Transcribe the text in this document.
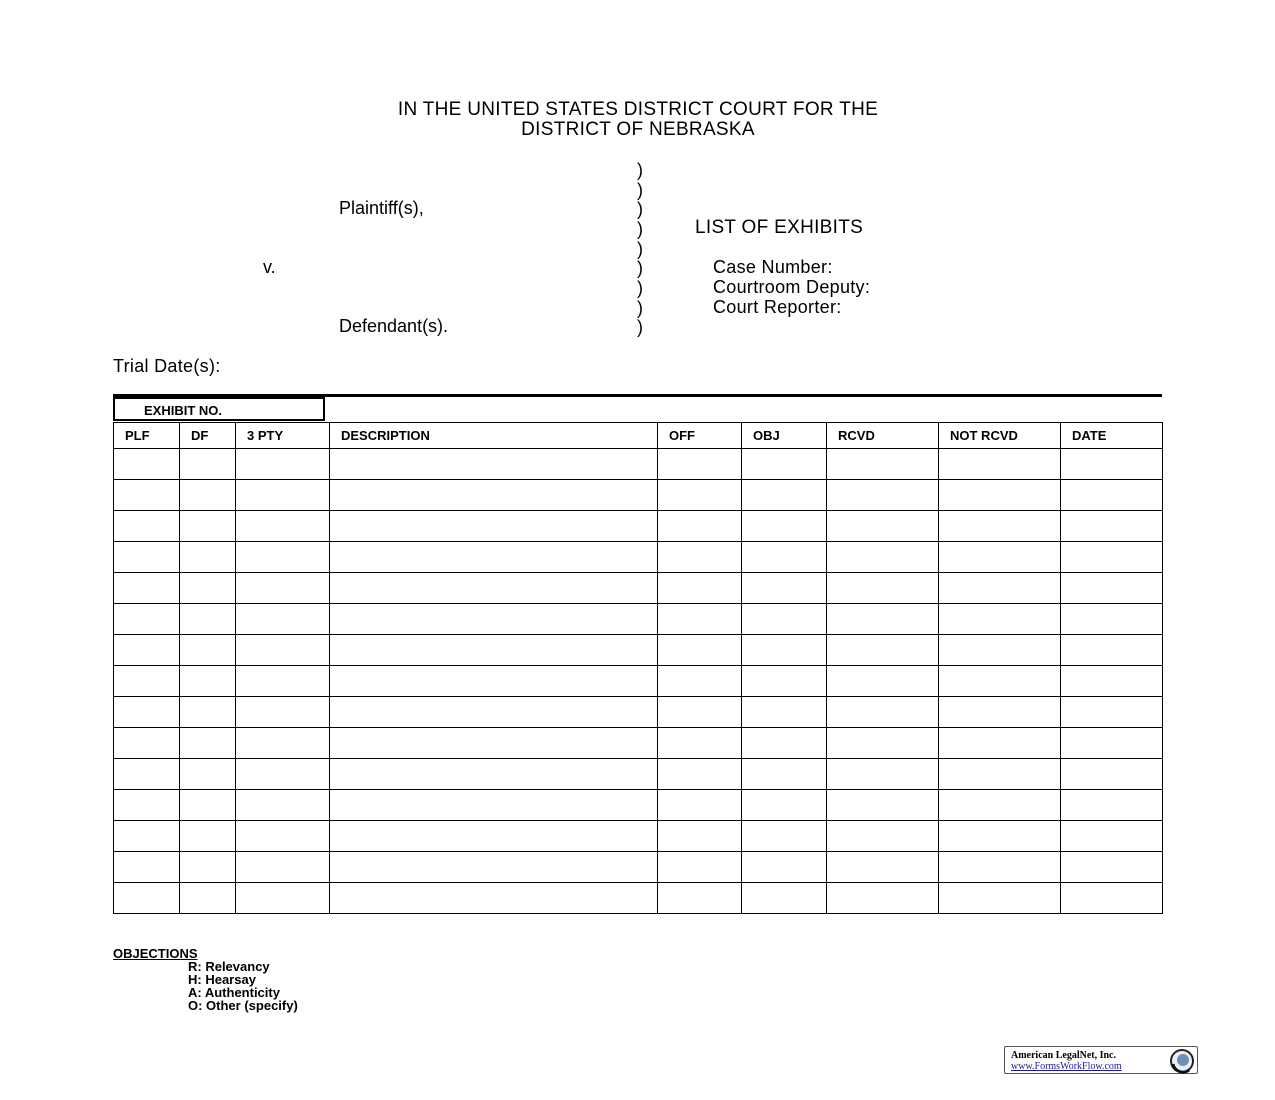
IN THE UNITED STATES DISTRICT COURT FOR THE
DISTRICT OF NEBRASKA
)
)
)
)
)
)
)
)
)
Plaintiff(s),
v.
Defendant(s).
LIST OF EXHIBITS
Case Number:
Courtroom Deputy:
Court Reporter:
Trial Date(s):
EXHIBIT NO.
PLF	DF	3 PTY	DESCRIPTION	OFF	OBJ	RCVD	NOT RCVD	DATE

OBJECTIONS
R: Relevancy
H: Hearsay
A: Authenticity
O: Other (specify)
American LegalNet, Inc.
www.FormsWorkFlow.com
